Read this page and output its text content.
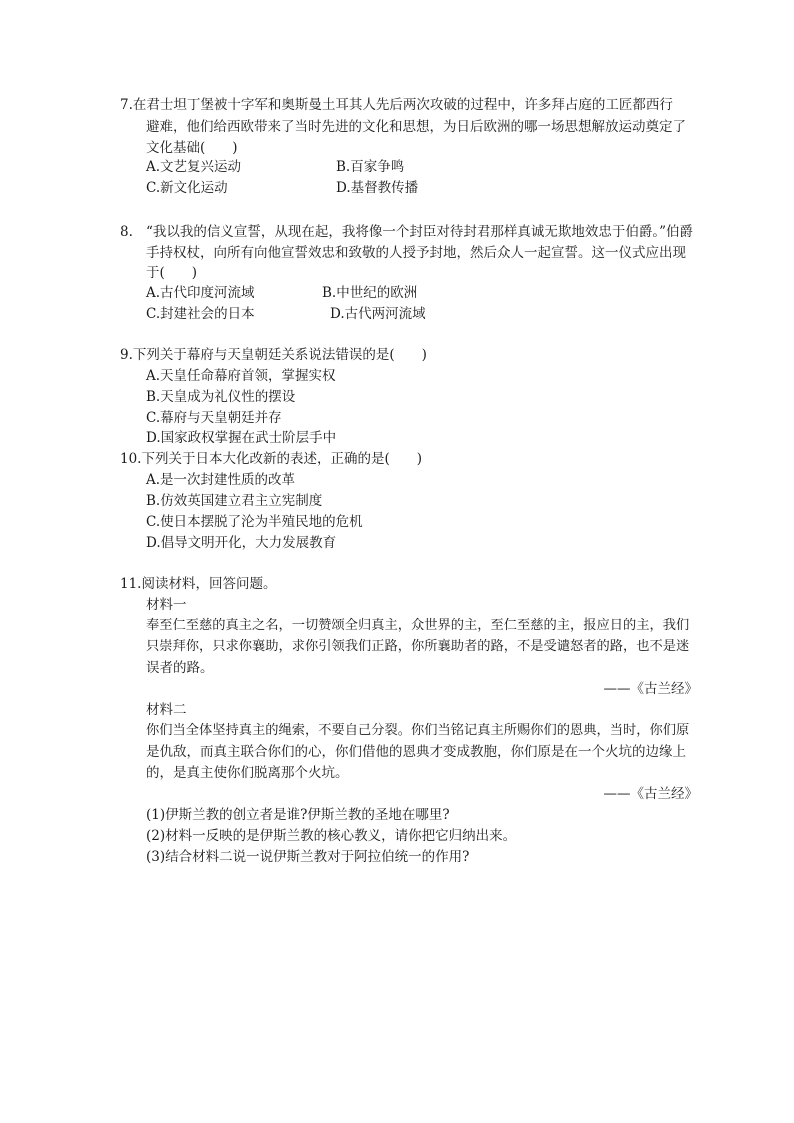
7.在君士坦丁堡被十字军和奥斯曼土耳其人先后两次攻破的过程中，许多拜占庭的工匠都西行
避难，他们给西欧带来了当时先进的文化和思想，为日后欧洲的哪一场思想解放运动奠定了
文化基础(　　)
A.文艺复兴运动	B.百家争鸣
C.新文化运动	D.基督教传播
8. “我以我的信义宣誓，从现在起，我将像一个封臣对待封君那样真诚无欺地效忠于伯爵。”伯爵
手持权杖，向所有向他宣誓效忠和致敬的人授予封地，然后众人一起宣誓。这一仪式应出现
于(　　)
A.古代印度河流域	B.中世纪的欧洲
C.封建社会的日本	D.古代两河流域
9.下列关于幕府与天皇朝廷关系说法错误的是(　　)
A.天皇任命幕府首领，掌握实权
B.天皇成为礼仪性的摆设
C.幕府与天皇朝廷并存
D.国家政权掌握在武士阶层手中
10.下列关于日本大化改新的表述，正确的是(　　)
A.是一次封建性质的改革
B.仿效英国建立君主立宪制度
C.使日本摆脱了沦为半殖民地的危机
D.倡导文明开化，大力发展教育
11.阅读材料，回答问题。
材料一
奉至仁至慈的真主之名，一切赞颂全归真主，众世界的主，至仁至慈的主，报应日的主，我们
只崇拜你，只求你襄助，求你引领我们正路，你所襄助者的路，不是受谴怒者的路，也不是迷
误者的路。
——《古兰经》
材料二
你们当全体坚持真主的绳索，不要自己分裂。你们当铭记真主所赐你们的恩典，当时，你们原
是仇敌，而真主联合你们的心，你们借他的恩典才变成教胞，你们原是在一个火坑的边缘上
的，是真主使你们脱离那个火坑。
——《古兰经》
(1)伊斯兰教的创立者是谁?伊斯兰教的圣地在哪里?
(2)材料一反映的是伊斯兰教的核心教义，请你把它归纳出来。
(3)结合材料二说一说伊斯兰教对于阿拉伯统一的作用?
